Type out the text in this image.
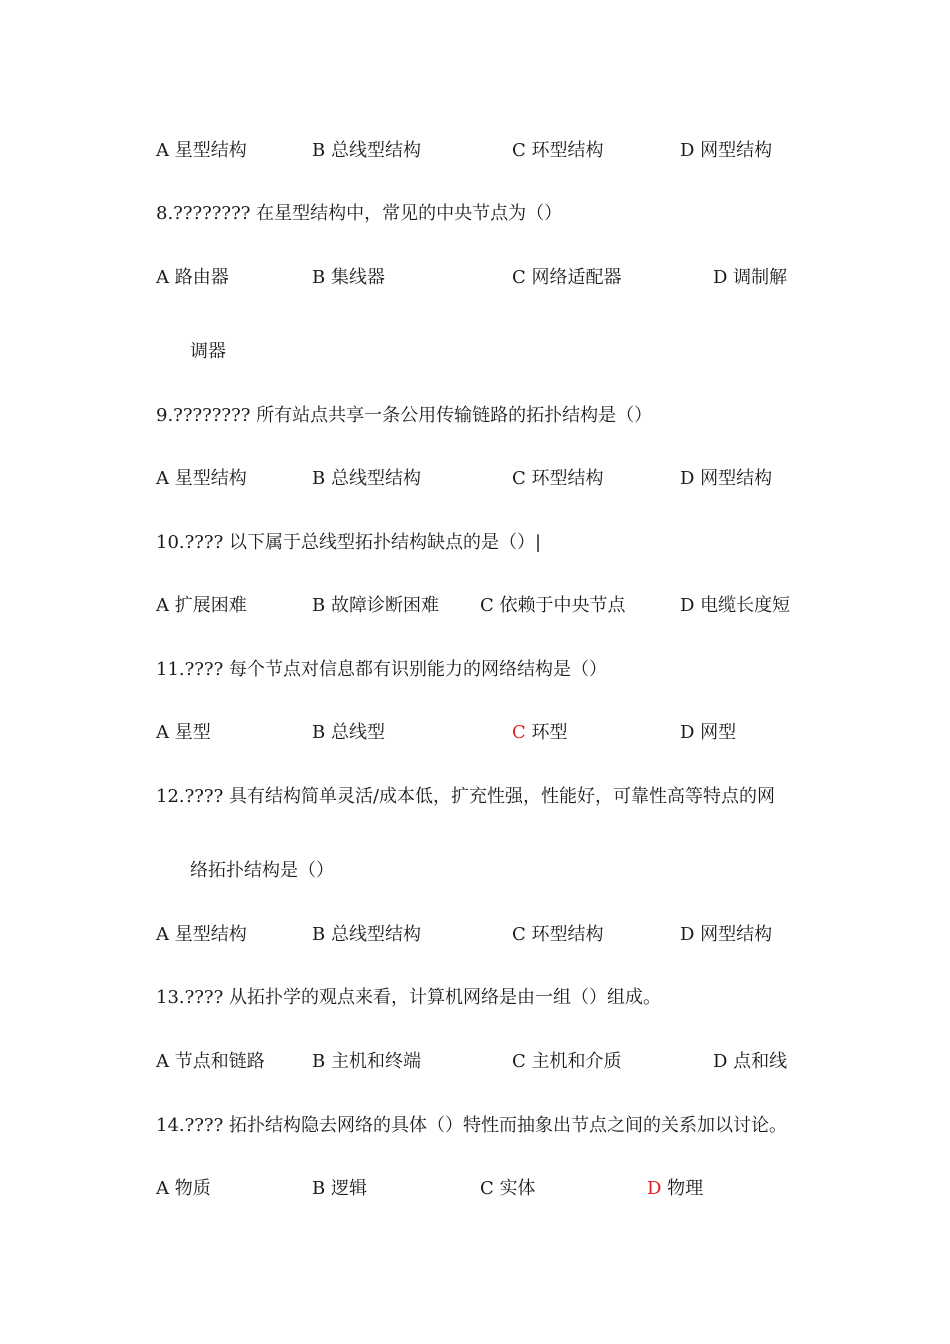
A 星型结构	B 总线型结构	C 环型结构	D 网型结构
8.???????? 在星型结构中，常见的中央节点为（）
A 路由器	B 集线器	C 网络适配器	D 调制解
调器
9.???????? 所有站点共享一条公用传输链路的拓扑结构是（）
A 星型结构	B 总线型结构	C 环型结构	D 网型结构
10.???? 以下属于总线型拓扑结构缺点的是（）|
A 扩展困难	B 故障诊断困难 C 依赖于中央节点	D 电缆长度短
11.???? 每个节点对信息都有识别能力的网络结构是（）
A 星型	B 总线型	C 环型	D 网型
12.???? 具有结构简单灵活/成本低，扩充性强，性能好，可靠性高等特点的网
络拓扑结构是（）
A 星型结构	B 总线型结构	C 环型结构	D 网型结构
13.???? 从拓扑学的观点来看，计算机网络是由一组（）组成。
A 节点和链路	B 主机和终端	C 主机和介质	D 点和线
14.???? 拓扑结构隐去网络的具体（）特性而抽象出节点之间的关系加以讨论。
A 物质	B 逻辑	C 实体	D 物理
